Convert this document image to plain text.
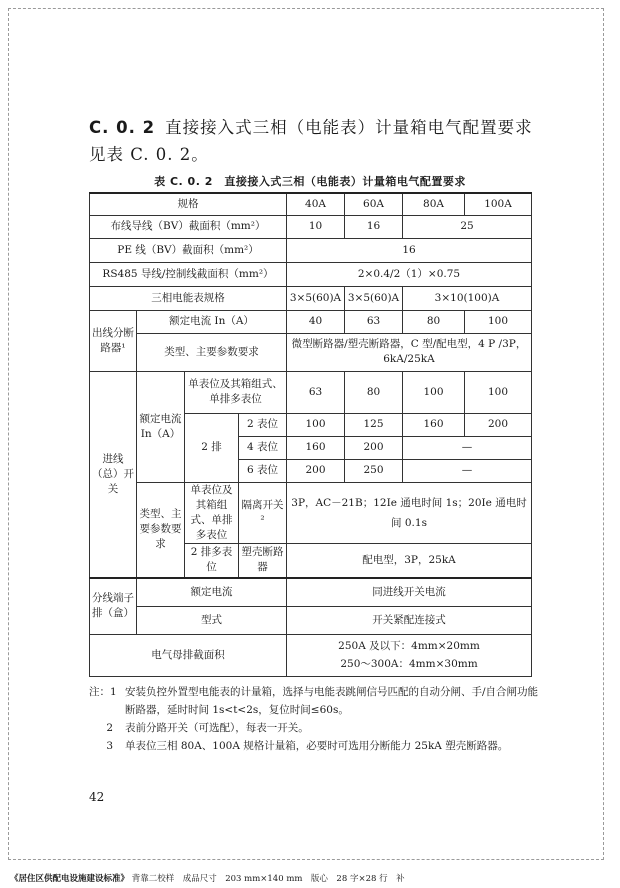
C. 0. 2 直接接入式三相（电能表）计量箱电气配置要求见表 C. 0. 2。
表 C. 0. 2　直接接入式三相（电能表）计量箱电气配置要求
规格				40A	60A	80A	100A
布线导线（BV）截面积（mm²）				10	16	25	
PE 线（BV）截面积（mm²）				16			
RS485 导线/控制线截面积（mm²）				2×0.4/2（1）×0.75			
三相电能表规格				3×5(60)A	3×5(60)A	3×10(100)A	
出线分断路器¹	额定电流 In（A）			40	63	80	100
	类型、主要参数要求			微型断路器/塑壳断路器，C 型/配电型，4 P /3P，6kA/25kA			
进线（总）开关	额定电流 In（A）	单表位及其箱组式、单排多表位		63	80	100	100
		2 排	2 表位	100	125	160	200
			4 表位	160	200	—	
			6 表位	200	250	—	
	类型、主要参数要求	单表位及其箱组式、单排多表位	隔离开关²	3P，AC－21B；12Ie 通电时间 1s；20Ie 通电时间 0.1s			
		2 排多表位	塑壳断路器	配电型，3P，25kA			
分线端子排（盒）	额定电流			同进线开关电流			
	型式			开关紧配连接式			
电气母排截面积				250A 及以下：4mm×20mm
250～300A：4mm×30mm			
注：1 安装负控外置型电能表的计量箱，选择与电能表跳闸信号匹配的自动分闸、手/自合闸功能断路器，延时时间 1s<t<2s，复位时间≤60s。
2	表前分路开关（可选配），每表一开关。
3	单表位三相 80A、100A 规格计量箱，必要时可选用分断能力 25kA 塑壳断路器。
42
《居住区供配电设施建设标准》 背靠二校样　成品尺寸　203 mm×140 mm　版心　28 字×28 行　补
